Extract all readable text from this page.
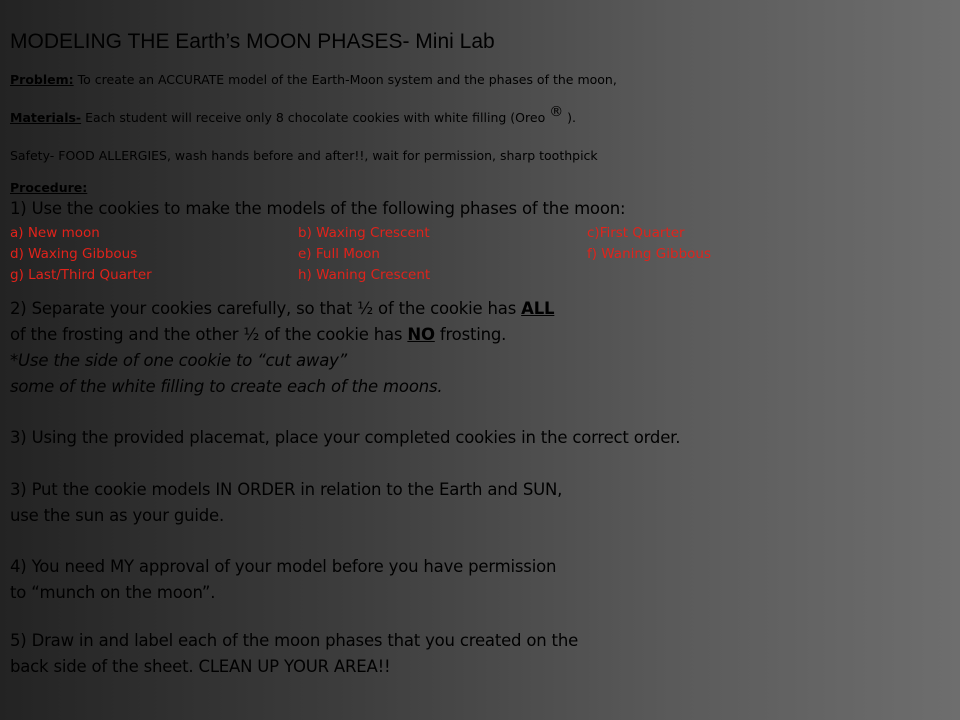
MODELING THE Earth’s MOON PHASES- Mini Lab
Problem: To create an ACCURATE model of the Earth-Moon system and the phases of the moon,
Materials- Each student will receive only 8 chocolate cookies with white filling (Oreo ® ).
Safety- FOOD ALLERGIES, wash hands before and after!!, wait for permission, sharp toothpick
Procedure:
1) Use the cookies to make the models of the following phases of the moon:
a) New moon	b) Waxing Crescent	c)First Quarter
d) Waxing Gibbous	e) Full Moon	f) Waning Gibbous
g) Last/Third Quarter	h) Waning Crescent
2) Separate your cookies carefully, so that ½ of the cookie has ALL
of the frosting and the other ½ of the cookie has NO frosting.
*Use the side of one cookie to “cut away”
some of the white filling to create each of the moons.
3) Using the provided placemat, place your completed cookies in the correct order.
3) Put the cookie models IN ORDER in relation to the Earth and SUN,
use the sun as your guide.
4) You need MY approval of your model before you have permission
to “munch on the moon”.
5) Draw in and label each of the moon phases that you created on the
back side of the sheet. CLEAN UP YOUR AREA!!
